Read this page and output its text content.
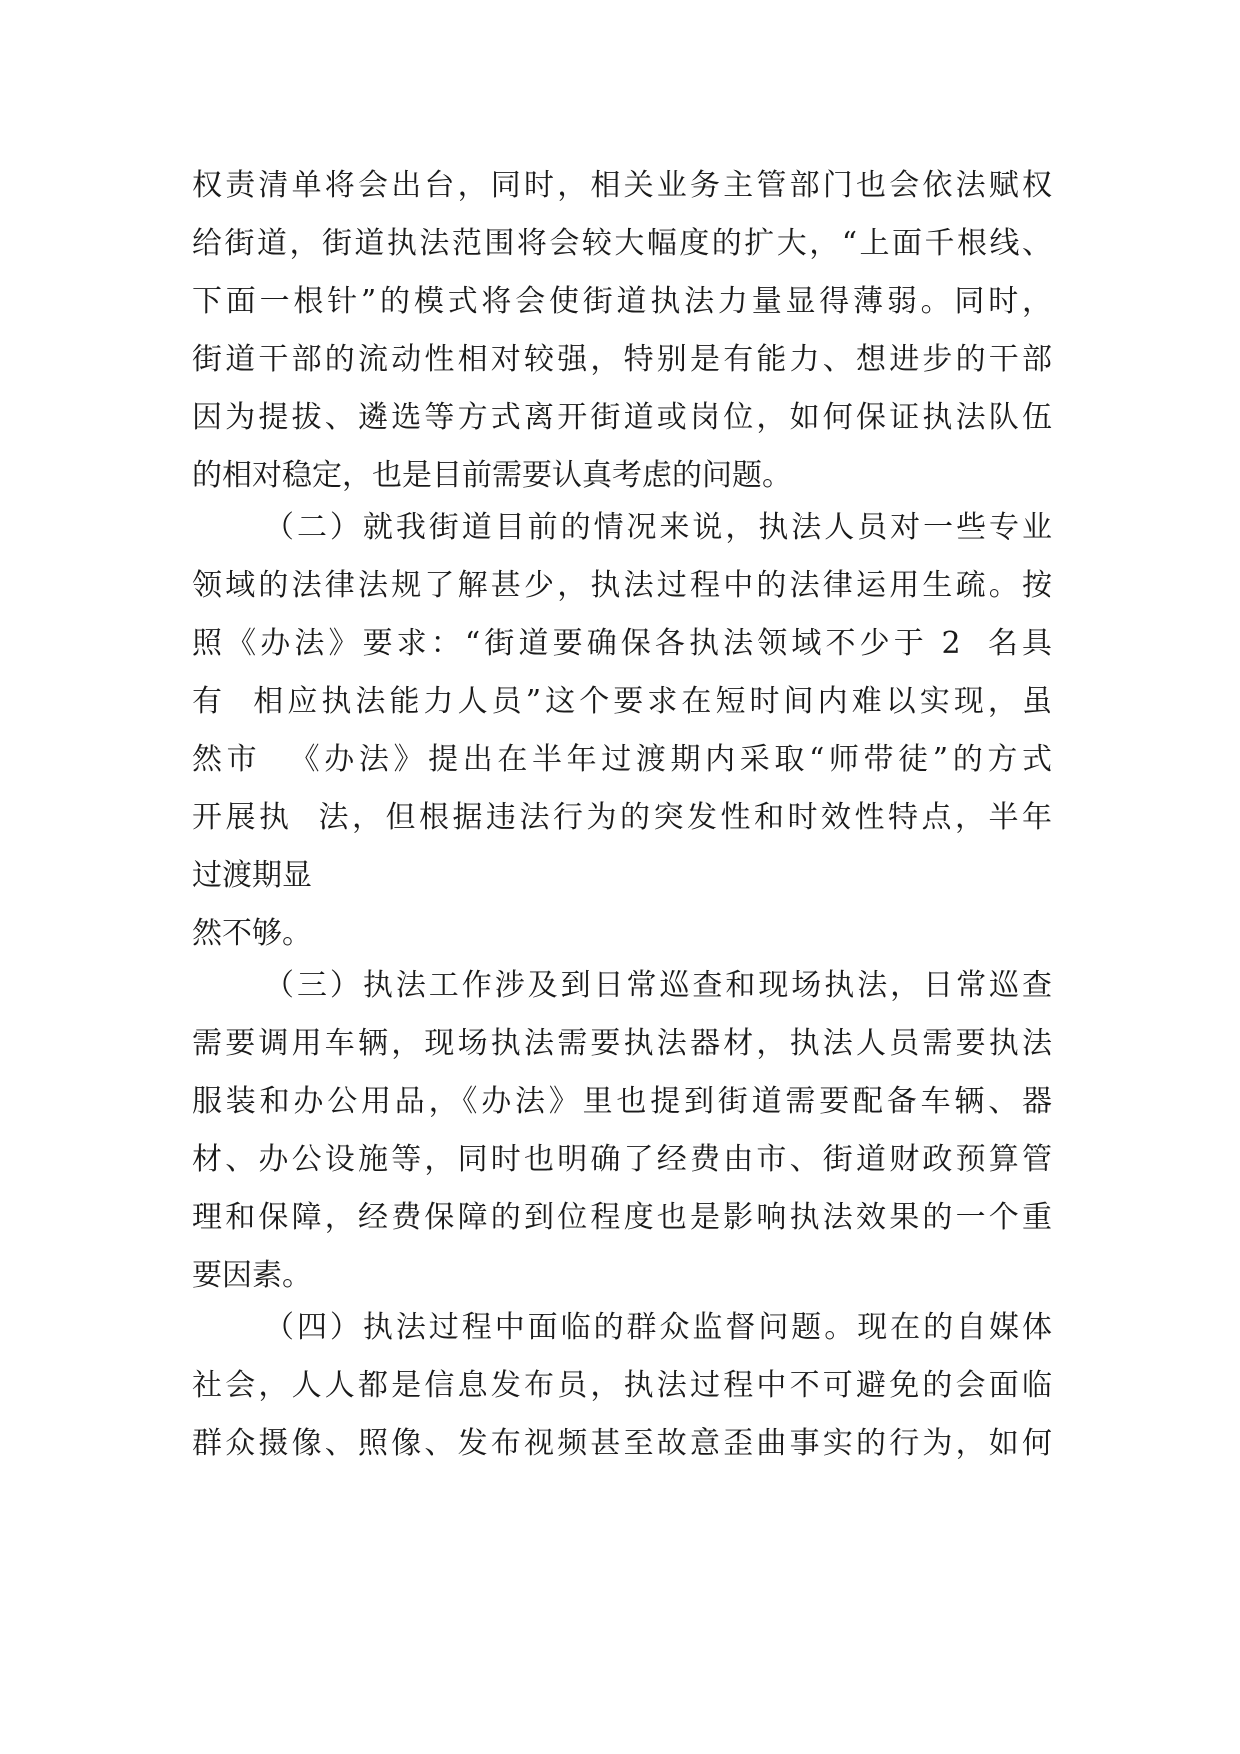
权责清单将会出台，同时，相关业务主管部门也会依法赋权
给街道，街道执法范围将会较大幅度的扩大，“上面千根线、
下面一根针”的模式将会使街道执法力量显得薄弱。同时，
街道干部的流动性相对较强，特别是有能力、想进步的干部
因为提拔、遴选等方式离开街道或岗位，如何保证执法队伍
的相对稳定，也是目前需要认真考虑的问题。
（二）就我街道目前的情况来说，执法人员对一些专业
领域的法律法规了解甚少，执法过程中的法律运用生疏。按
照《办法》要求：“街道要确保各执法领域不少于 2  名具
有  相应执法能力人员”这个要求在短时间内难以实现，虽
然市  《办法》提出在半年过渡期内采取“师带徒”的方式
开展执  法，但根据违法行为的突发性和时效性特点，半年
过渡期显
然不够。
（三）执法工作涉及到日常巡查和现场执法，日常巡查
需要调用车辆，现场执法需要执法器材，执法人员需要执法
服装和办公用品，《办法》里也提到街道需要配备车辆、器
材、办公设施等，同时也明确了经费由市、街道财政预算管
理和保障，经费保障的到位程度也是影响执法效果的一个重
要因素。
（四）执法过程中面临的群众监督问题。现在的自媒体
社会，人人都是信息发布员，执法过程中不可避免的会面临
群众摄像、照像、发布视频甚至故意歪曲事实的行为，如何
